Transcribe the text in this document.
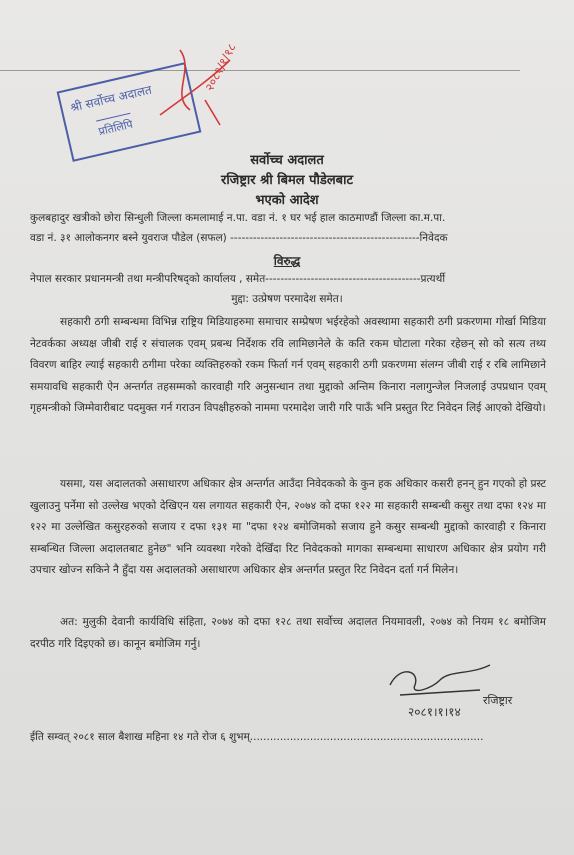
श्री सर्वोच्च अदालत
प्रतिलिपि
२०८१/१/१८
सर्वोच्च अदालत
रजिष्ट्रार श्री बिमल पौडेलबाट
भएको आदेश
कुलबहादुर खत्रीको छोरा सिन्धुली जिल्ला कमलामाई न.पा. वडा नं. १ घर भई हाल काठमाण्डौं जिल्ला का.म.पा.
वडा नं. ३१ आलोकनगर बस्ने युवराज पौडेल (सफल) --------------------------------------------------निवेदक
विरुद्ध
नेपाल सरकार प्रधानमन्त्री तथा मन्त्रीपरिषद्को कार्यालय , समेत-----------------------------------------प्रत्यर्थी
मुद्दा: उत्प्रेषण परमादेश समेत।
सहकारी ठगी सम्बन्धमा विभिन्न राष्ट्रिय मिडियाहरुमा समाचार सम्प्रेषण भईरहेको अवस्थामा सहकारी ठगी प्रकरणमा गोर्खा मिडिया नेटवर्कका अध्यक्ष जीबी राई र संचालक एवम् प्रबन्ध निर्देशक रवि लामिछानेले के कति रकम घोटाला गरेका रहेछन् सो को सत्य तथ्य विवरण बाहिर ल्याई सहकारी ठगीमा परेका व्यक्तिहरुको रकम फिर्ता गर्न एवम् सहकारी ठगी प्रकरणमा संलग्न जीबी राई र रबि लामिछाने समयावधि सहकारी ऐन अन्तर्गत तहसम्मको कारवाही गरि अनुसन्धान तथा मुद्दाको अन्तिम किनारा नलागुन्जेल निजलाई उपप्रधान एवम् गृहमन्त्रीको जिम्मेवारीबाट पदमुक्त गर्न गराउन विपक्षीहरुको नाममा परमादेश जारी गरि पाऊँ भनि प्रस्तुत रिट निवेदन लिई आएको देखियो।
यसमा, यस अदालतको असाधारण अधिकार क्षेत्र अन्तर्गत आउँदा निवेदकको के कुन हक अधिकार कसरी हनन् हुन गएको हो प्रस्ट खुलाउनु पर्नेमा सो उल्लेख भएको देखिएन यस लगायत सहकारी ऐन, २०७४ को दफा १२२ मा सहकारी सम्बन्धी कसुर तथा दफा १२४ मा १२२ मा उल्लेखित कसुरहरुको सजाय र दफा १३१ मा "दफा १२४ बमोजिमको सजाय हुने कसुर सम्बन्धी मुद्दाको कारवाही र किनारा सम्बन्धित जिल्ला अदालतबाट हुनेछ" भनि व्यवस्था गरेको देखिँदा रिट निवेदकको मागका सम्बन्धमा साधारण अधिकार क्षेत्र प्रयोग गरी उपचार खोज्न सकिने नै हुँदा यस अदालतको असाधारण अधिकार क्षेत्र अन्तर्गत प्रस्तुत रिट निवेदन दर्ता गर्न मिलेन।
अत: मुलुकी देवानी कार्यविधि संहिता, २०७४ को दफा १२८ तथा सर्वोच्च अदालत नियमावली, २०७४ को नियम १८ बमोजिम दरपीठ गरि दिइएको छ। कानून बमोजिम गर्नु।
२०८१।१।१४
रजिष्ट्रार
ईति सम्वत् २०८१ साल बैशाख महिना १४ गते रोज ६ शुभम्......................................................................
